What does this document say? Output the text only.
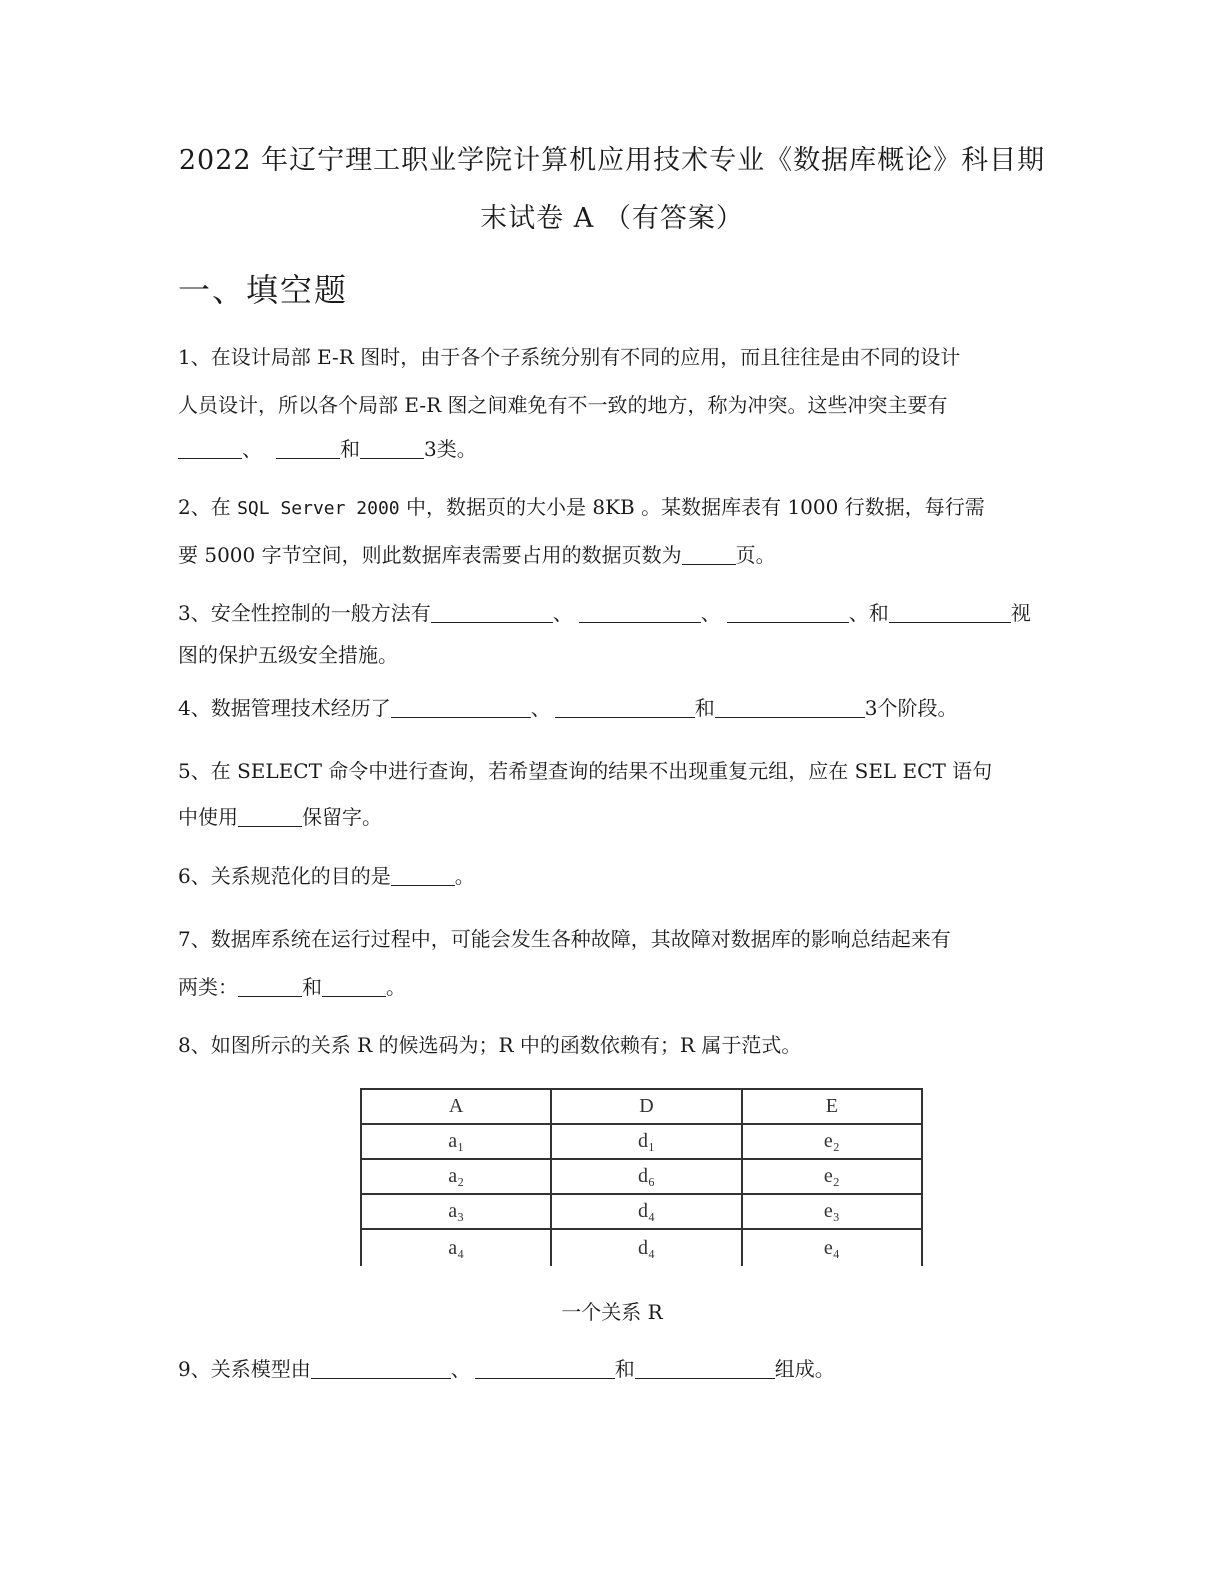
2022 年辽宁理工职业学院计算机应用技术专业《数据库概论》科目期
末试卷 A （有答案）
一、填空题
1、在设计局部 E-R 图时，由于各个子系统分别有不同的应用，而且往往是由不同的设计
人员设计，所以各个局部 E-R 图之间难免有不一致的地方，称为冲突。这些冲突主要有
、	和	3类。
2、在 SQL Server 2000 中，数据页的大小是 8KB 。某数据库表有 1000 行数据，每行需
要 5000 字节空间，则此数据库表需要占用的数据页数为	页。
3、安全性控制的一般方法有	、	、	、和	视
图的保护五级安全措施。
4、数据管理技术经历了	、	和	3个阶段。
5、在 SELECT 命令中进行查询，若希望查询的结果不出现重复元组，应在 SEL ECT 语句
中使用	保留字。
6、关系规范化的目的是	。
7、数据库系统在运行过程中，可能会发生各种故障，其故障对数据库的影响总结起来有
两类：	和	。
8、如图所示的关系 R 的候选码为；R 中的函数依赖有；R 属于范式。
A	D	E
a₁	d₁	e₂
a₂	d₆	e₂
a₃	d₄	e₃
a₄	d₄	e₄
一个关系 R
9、关系模型由	、	和	组成。
